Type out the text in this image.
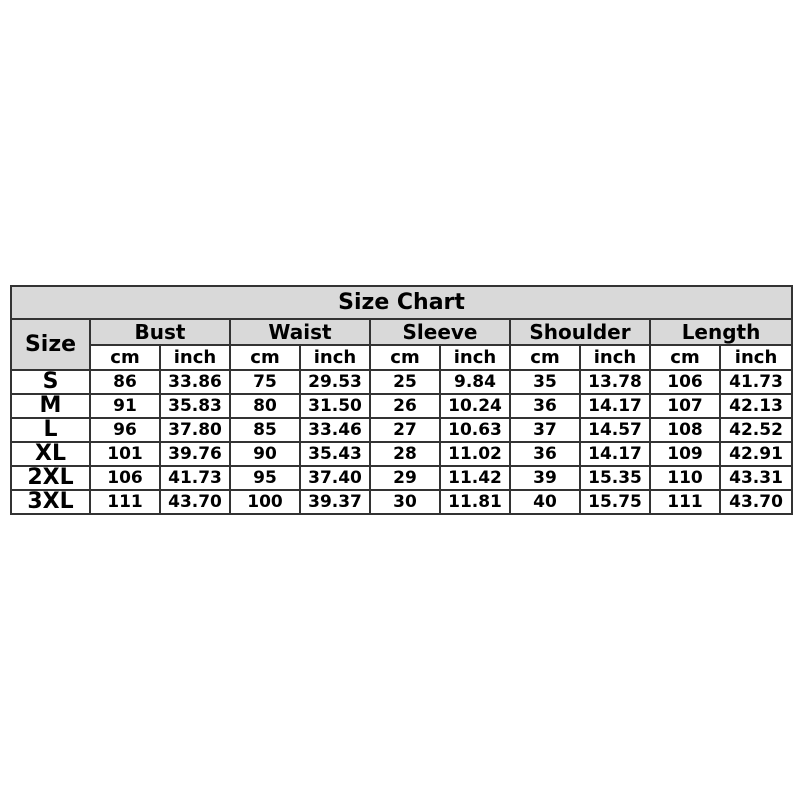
Size Chart										
Size	Bust		Waist		Sleeve		Shoulder		Length	
	cm	inch	cm	inch	cm	inch	cm	inch	cm	inch
S	86	33.86	75	29.53	25	9.84	35	13.78	106	41.73
M	91	35.83	80	31.50	26	10.24	36	14.17	107	42.13
L	96	37.80	85	33.46	27	10.63	37	14.57	108	42.52
XL	101	39.76	90	35.43	28	11.02	36	14.17	109	42.91
2XL	106	41.73	95	37.40	29	11.42	39	15.35	110	43.31
3XL	111	43.70	100	39.37	30	11.81	40	15.75	111	43.70
